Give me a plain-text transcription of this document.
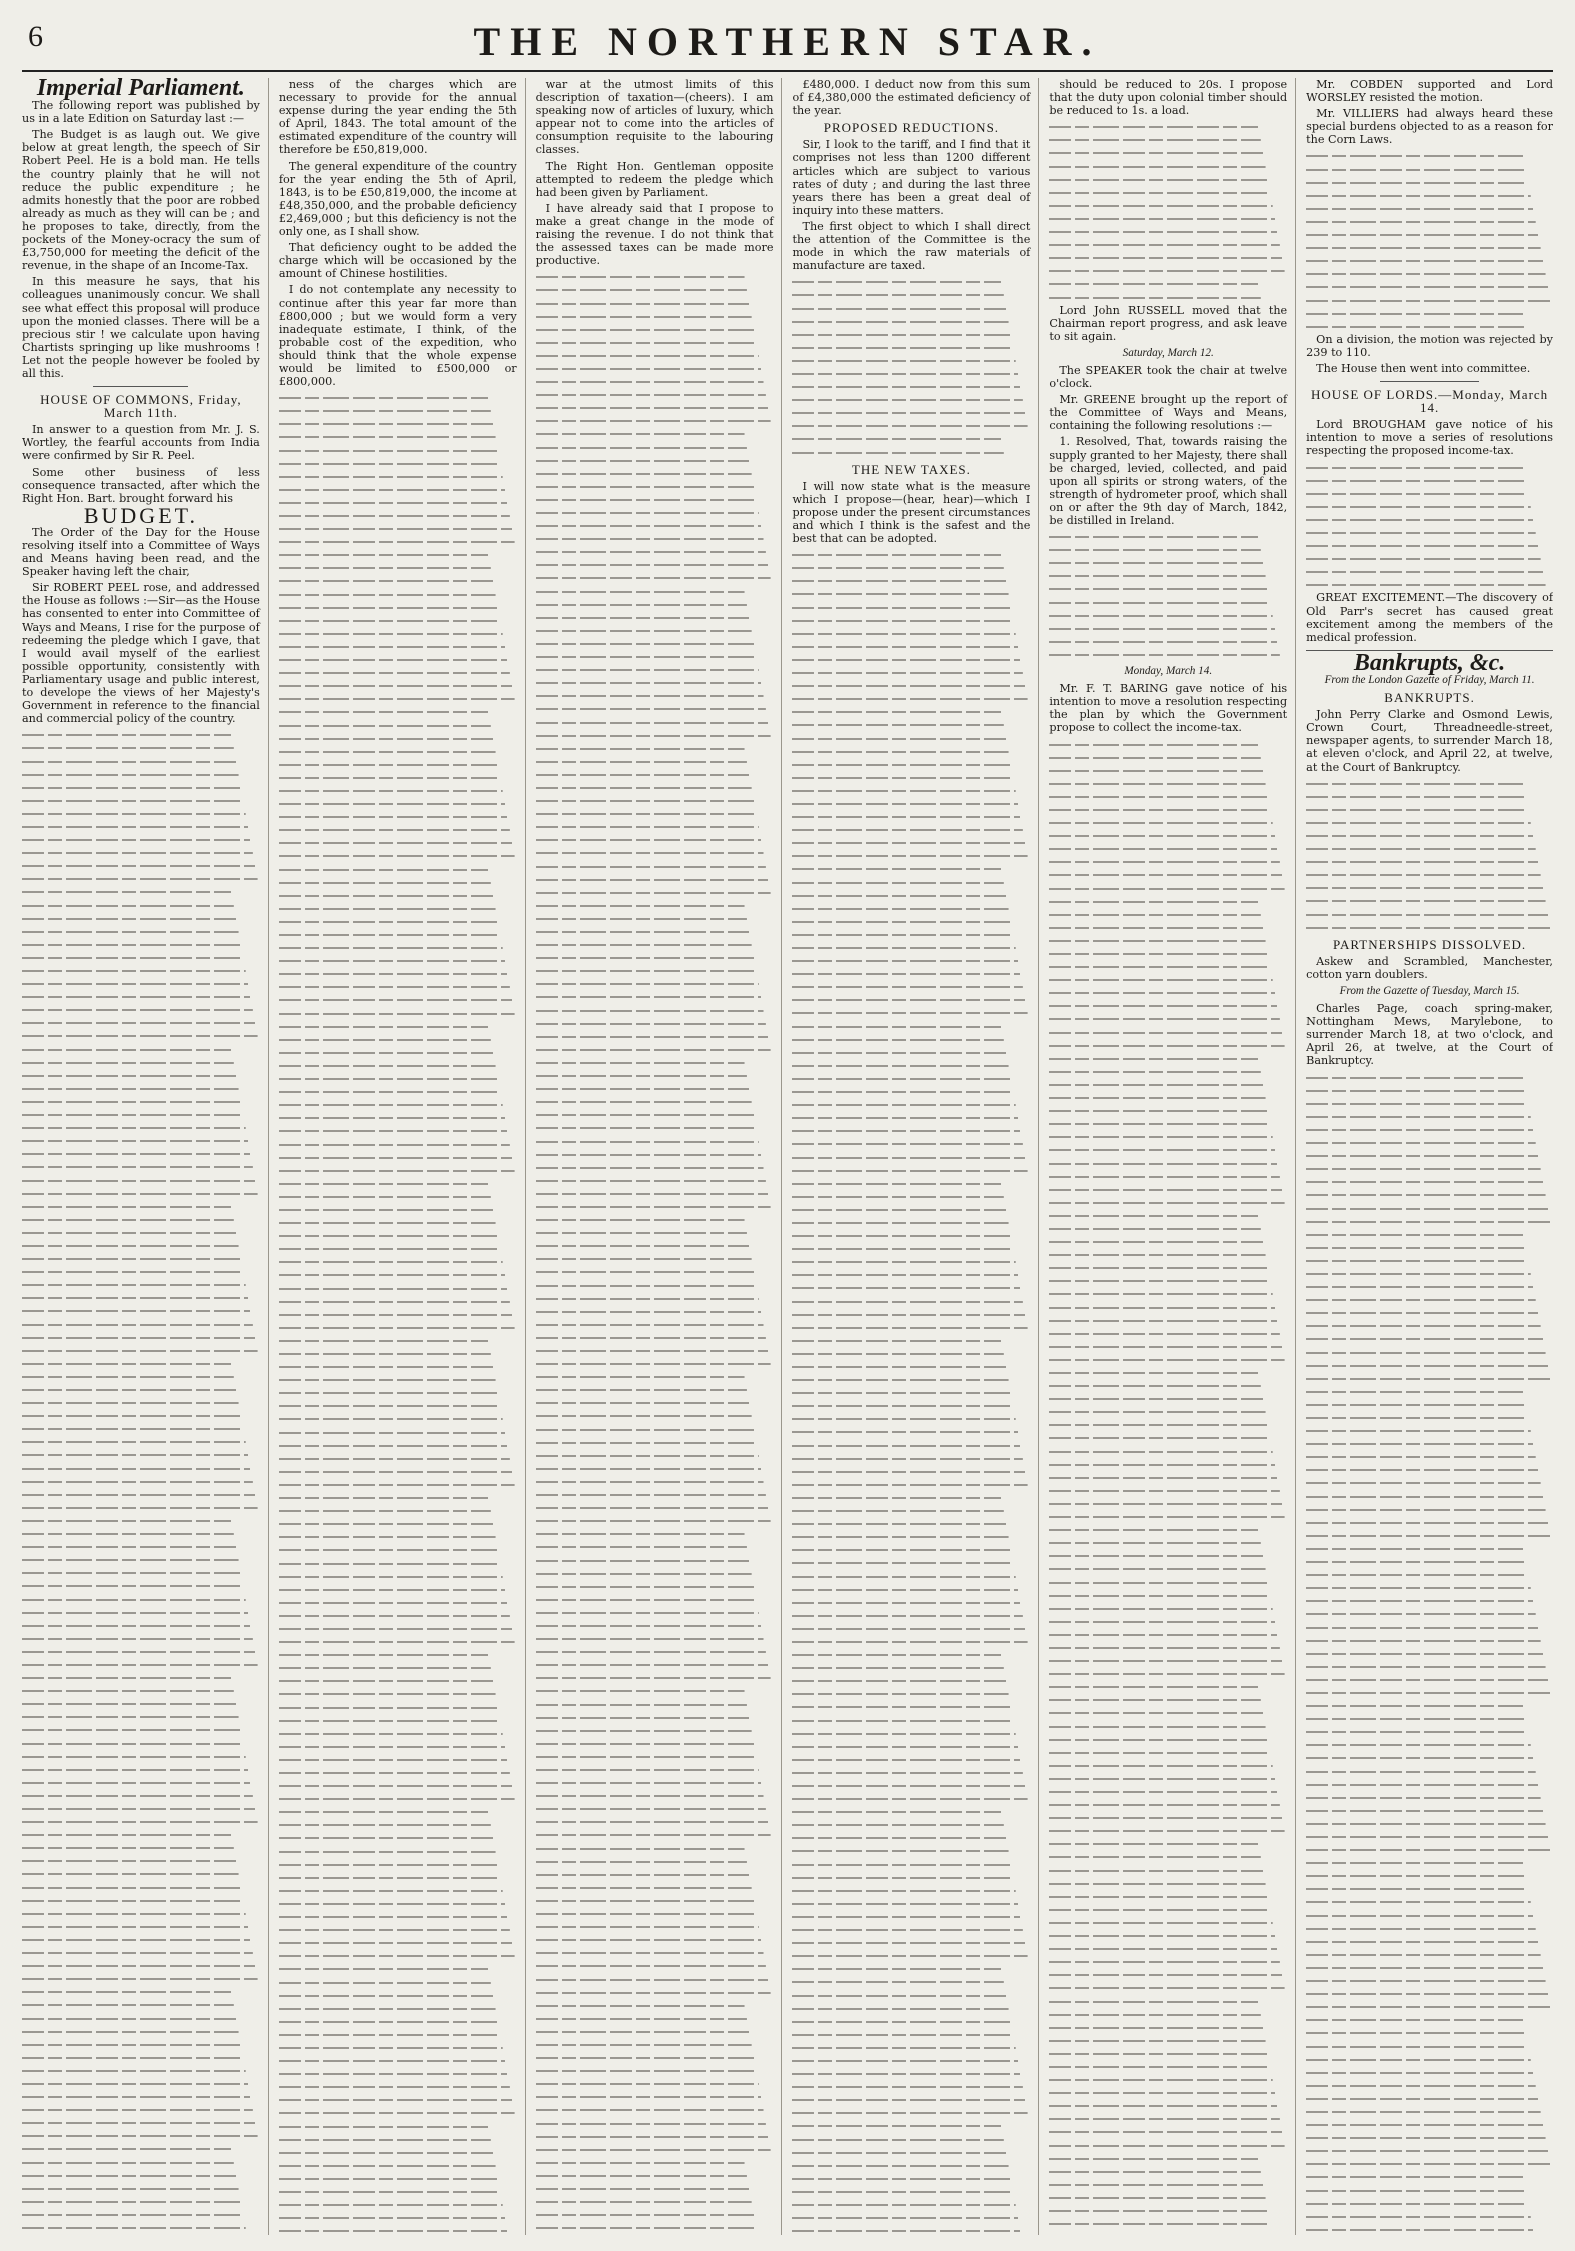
6	THE NORTHERN STAR.
Imperial Parliament.

The following report was published by us in a late Edition on Saturday last :—

The Budget is as laugh out. We give below at great length, the speech of Sir Robert Peel. He is a bold man. He tells the country plainly that he will not reduce the public expenditure ; he admits honestly that the poor are robbed already as much as they will can be ; and he proposes to take, directly, from the pockets of the Money-ocracy the sum of £3,750,000 for meeting the deficit of the revenue, in the shape of an Income-Tax.

In this measure he says, that his colleagues unanimously concur. We shall see what effect this proposal will produce upon the monied classes. There will be a precious stir ! we calculate upon having Chartists springing up like mushrooms ! Let not the people however be fooled by all this.

HOUSE OF COMMONS, Friday, March 11th.

In answer to a question from Mr. J. S. Wortley, the fearful accounts from India were confirmed by Sir R. Peel.

Some other business of less consequence transacted, after which the Right Hon. Bart. brought forward his

BUDGET.

The Order of the Day for the House resolving itself into a Committee of Ways and Means having been read, and the Speaker having left the chair,

Sir ROBERT PEEL rose, and addressed the House as follows :—Sir—as the House has consented to enter into Committee of Ways and Means, I rise for the purpose of redeeming the pledge which I gave, that I would avail myself of the earliest possible opportunity, consistently with Parliamentary usage and public interest, to develope the views of her Majesty's Government in reference to the financial and commercial policy of the country.

ness of the charges which are necessary to provide for the annual expense during the year ending the 5th of April, 1843. The total amount of the estimated expenditure of the country will therefore be £50,819,000.

The general expenditure of the country for the year ending the 5th of April, 1843, is to be £50,819,000, the income at £48,350,000, and the probable deficiency £2,469,000 ; but this deficiency is not the only one, as I shall show.

That deficiency ought to be added the charge which will be occasioned by the amount of Chinese hostilities.

I do not contemplate any necessity to continue after this year far more than £800,000 ; but we would form a very inadequate estimate, I think, of the probable cost of the expedition, who should think that the whole expense would be limited to £500,000 or £800,000.

war at the utmost limits of this description of taxation—(cheers). I am speaking now of articles of luxury, which appear not to come into the articles of consumption requisite to the labouring classes.

The Right Hon. Gentleman opposite attempted to redeem the pledge which had been given by Parliament.

I have already said that I propose to make a great change in the mode of raising the revenue. I do not think that the assessed taxes can be made more productive.

£480,000. I deduct now from this sum of £4,380,000 the estimated deficiency of the year.

PROPOSED REDUCTIONS.

Sir, I look to the tariff, and I find that it comprises not less than 1200 different articles which are subject to various rates of duty ; and during the last three years there has been a great deal of inquiry into these matters.

The first object to which I shall direct the attention of the Committee is the mode in which the raw materials of manufacture are taxed.

THE NEW TAXES.

I will now state what is the measure which I propose—(hear, hear)—which I propose under the present circumstances and which I think is the safest and the best that can be adopted.

should be reduced to 20s. I propose that the duty upon colonial timber should be reduced to 1s. a load.

Lord John RUSSELL moved that the Chairman report progress, and ask leave to sit again.

Saturday, March 12.

The SPEAKER took the chair at twelve o'clock.

Mr. GREENE brought up the report of the Committee of Ways and Means, containing the following resolutions :—

1. Resolved, That, towards raising the supply granted to her Majesty, there shall be charged, levied, collected, and paid upon all spirits or strong waters, of the strength of hydrometer proof, which shall on or after the 9th day of March, 1842, be distilled in Ireland.

Monday, March 14.

Mr. F. T. BARING gave notice of his intention to move a resolution respecting the plan by which the Government propose to collect the income-tax.

Mr. COBDEN supported and Lord WORSLEY resisted the motion.

Mr. VILLIERS had always heard these special burdens objected to as a reason for the Corn Laws.

On a division, the motion was rejected by 239 to 110.

The House then went into committee.

HOUSE OF LORDS.—Monday, March 14.

Lord BROUGHAM gave notice of his intention to move a series of resolutions respecting the proposed income-tax.

GREAT EXCITEMENT.—The discovery of Old Parr's secret has caused great excitement among the members of the medical profession.

Bankrupts, &c.
From the London Gazette of Friday, March 11.
BANKRUPTS.

John Perry Clarke and Osmond Lewis, Crown Court, Threadneedle-street, newspaper agents, to surrender March 18, at eleven o'clock, and April 22, at twelve, at the Court of Bankruptcy.

PARTNERSHIPS DISSOLVED.

Askew and Scrambled, Manchester, cotton yarn doublers.

From the Gazette of Tuesday, March 15.

Charles Page, coach spring-maker, Nottingham Mews, Marylebone, to surrender March 18, at two o'clock, and April 26, at twelve, at the Court of Bankruptcy.
